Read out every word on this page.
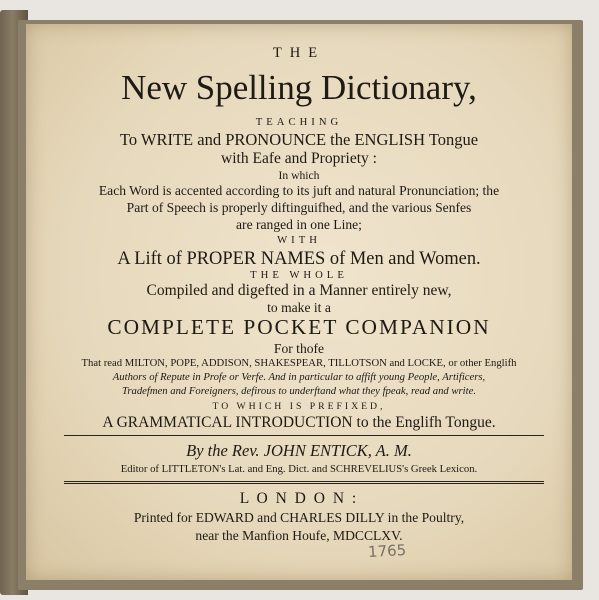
THE
New Spelling Dictionary,
TEACHING
To WRITE and PRONOUNCE the ENGLISH Tongue
with Eafe and Propriety :
In which
Each Word is accented according to its juft and natural Pronunciation; the
Part of Speech is properly diftinguifhed, and the various Senfes
are ranged in one Line;
WITH
A Lift of PROPER NAMES of Men and Women.
THE WHOLE
Compiled and digefted in a Manner entirely new,
to make it a
COMPLETE POCKET COMPANION
For thofe
That read MILTON, POPE, ADDISON, SHAKESPEAR, TILLOTSON and LOCKE, or other Englifh
Authors of Repute in Profe or Verfe. And in particular to affift young People, Artificers,
Tradefmen and Foreigners, defirous to underftand what they fpeak, read and write.
TO WHICH IS PREFIXED,
A GRAMMATICAL INTRODUCTION to the Englifh Tongue.
By the Rev. JOHN ENTICK, A. M.
Editor of LITTLETON's Lat. and Eng. Dict. and SCHREVELIUS's Greek Lexicon.
L O N D O N :
Printed for EDWARD and CHARLES DILLY in the Poultry,
near the Manfion Houfe, MDCCLXV.
1765
